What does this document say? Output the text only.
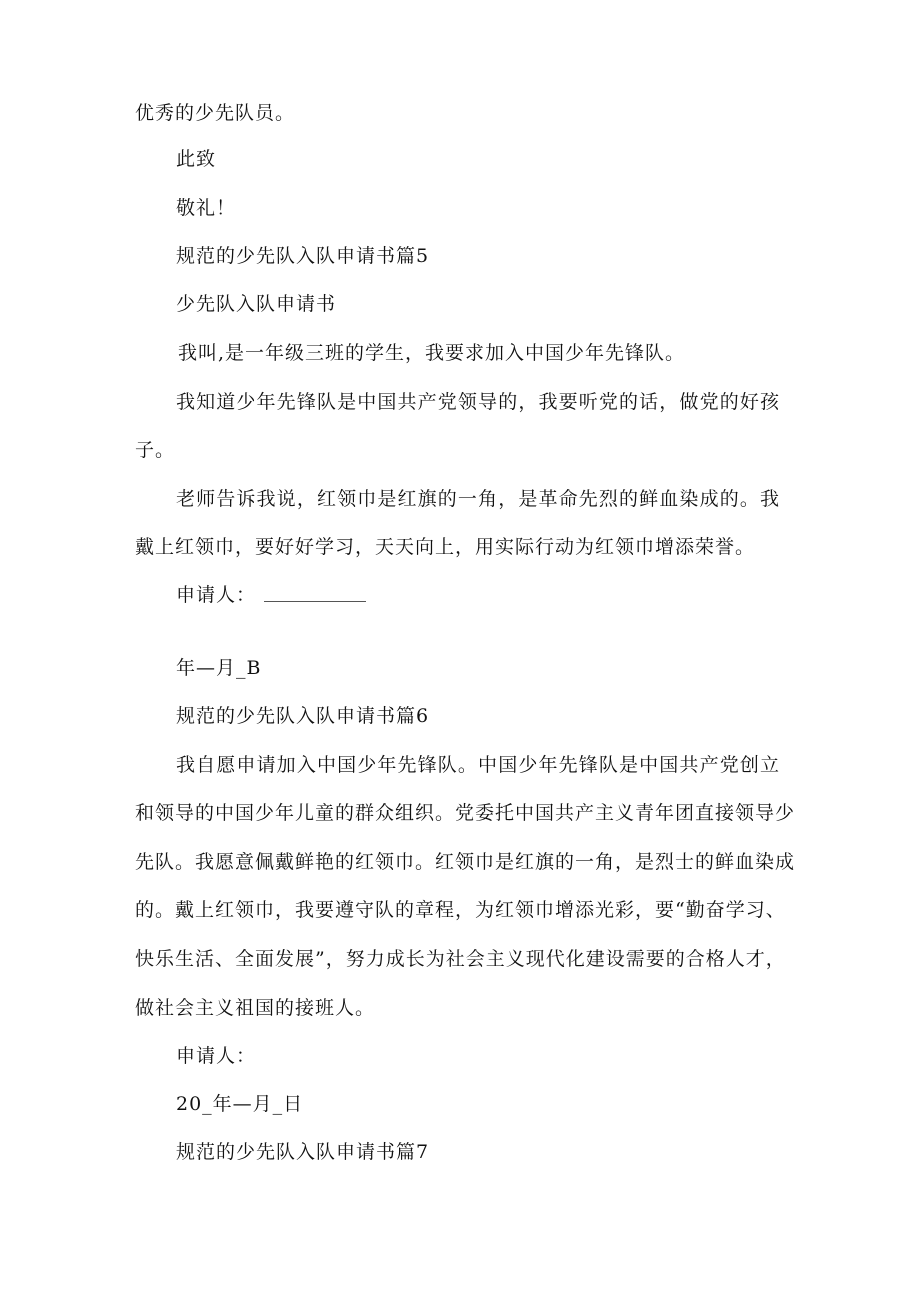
优秀的少先队员。
此致
敬礼！
规范的少先队入队申请书篇5
少先队入队申请书
我叫,是一年级三班的学生，我要求加入中国少年先锋队。
我知道少年先锋队是中国共产党领导的，我要听党的话，做党的好孩
子。
老师告诉我说，红领巾是红旗的一角，是革命先烈的鲜血染成的。我
戴上红领巾，要好好学习，天天向上，用实际行动为红领巾增添荣誉。
申请人：
年—月_B
规范的少先队入队申请书篇6
我自愿申请加入中国少年先锋队。中国少年先锋队是中国共产党创立
和领导的中国少年儿童的群众组织。党委托中国共产主义青年团直接领导少
先队。我愿意佩戴鲜艳的红领巾。红领巾是红旗的一角，是烈士的鲜血染成
的。戴上红领巾，我要遵守队的章程，为红领巾增添光彩，要“勤奋学习、
快乐生活、全面发展”，努力成长为社会主义现代化建设需要的合格人才，
做社会主义祖国的接班人。
申请人：
20_年—月_日
规范的少先队入队申请书篇7
